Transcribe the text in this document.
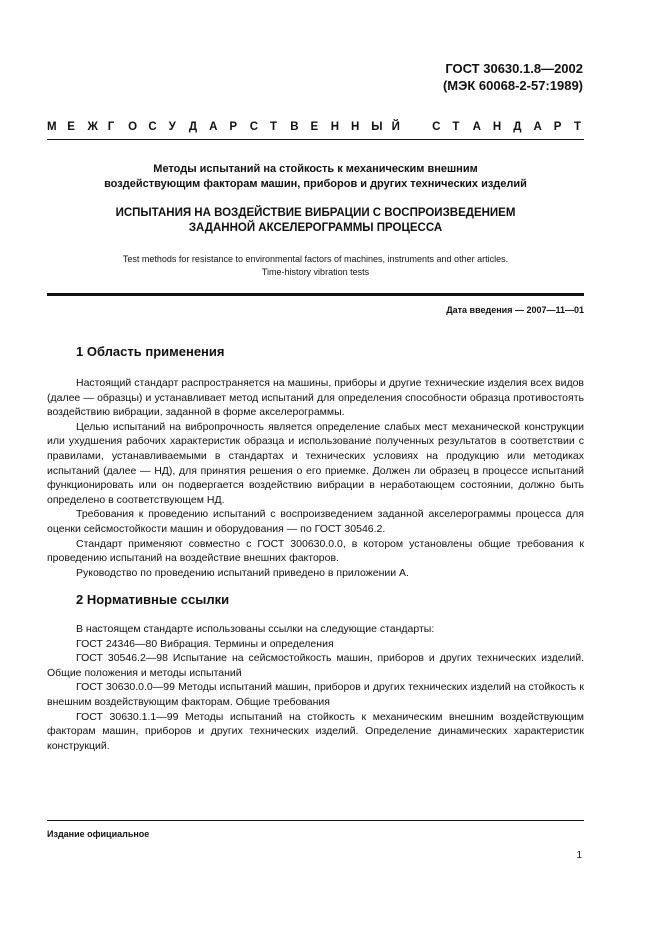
ГОСТ 30630.1.8—2002
(МЭК 60068-2-57:1989)
М Е Ж Г О С У Д А Р С Т В Е Н Н Ы Й	С Т А Н Д А Р Т
Методы испытаний на стойкость к механическим внешним
воздействующим факторам машин, приборов и других технических изделий
ИСПЫТАНИЯ НА ВОЗДЕЙСТВИЕ ВИБРАЦИИ С ВОСПРОИЗВЕДЕНИЕМ
ЗАДАННОЙ АКСЕЛЕРОГРАММЫ ПРОЦЕССА
Test methods for resistance to environmental factors of machines, instruments and other articles.
Time-history vibration tests
Дата введения — 2007—11—01
1 Область применения

Настоящий стандарт распространяется на машины, приборы и другие технические изделия всех видов (далее — образцы) и устанавливает метод испытаний для определения способности образца противостоять воздействию вибрации, заданной в форме акселерограммы.

Целью испытаний на вибропрочность является определение слабых мест механической конструкции или ухудшения рабочих характеристик образца и использование полученных результатов в соответствии с правилами, устанавливаемыми в стандартах и технических условиях на продукцию или методиках испытаний (далее — НД), для принятия решения о его приемке. Должен ли образец в процессе испытаний функционировать или он подвергается воздействию вибрации в неработающем состоянии, должно быть определено в соответствующем НД.

Требования к проведению испытаний с воспроизведением заданной акселерограммы процесса для оценки сейсмостойкости машин и оборудования — по ГОСТ 30546.2.

Стандарт применяют совместно с ГОСТ 300630.0.0, в котором установлены общие требования к проведению испытаний на воздействие внешних факторов.

Руководство по проведению испытаний приведено в приложении А.

2 Нормативные ссылки

В настоящем стандарте использованы ссылки на следующие стандарты:

ГОСТ 24346—80 Вибрация. Термины и определения

ГОСТ 30546.2—98 Испытание на сейсмостойкость машин, приборов и других технических изделий. Общие положения и методы испытаний

ГОСТ 30630.0.0—99 Методы испытаний машин, приборов и других технических изделий на стойкость к внешним воздействующим факторам. Общие требования

ГОСТ 30630.1.1—99 Методы испытаний на стойкость к механическим внешним воздействующим факторам машин, приборов и других технических изделий. Определение динамических характеристик конструкций.

Издание официальное
1
